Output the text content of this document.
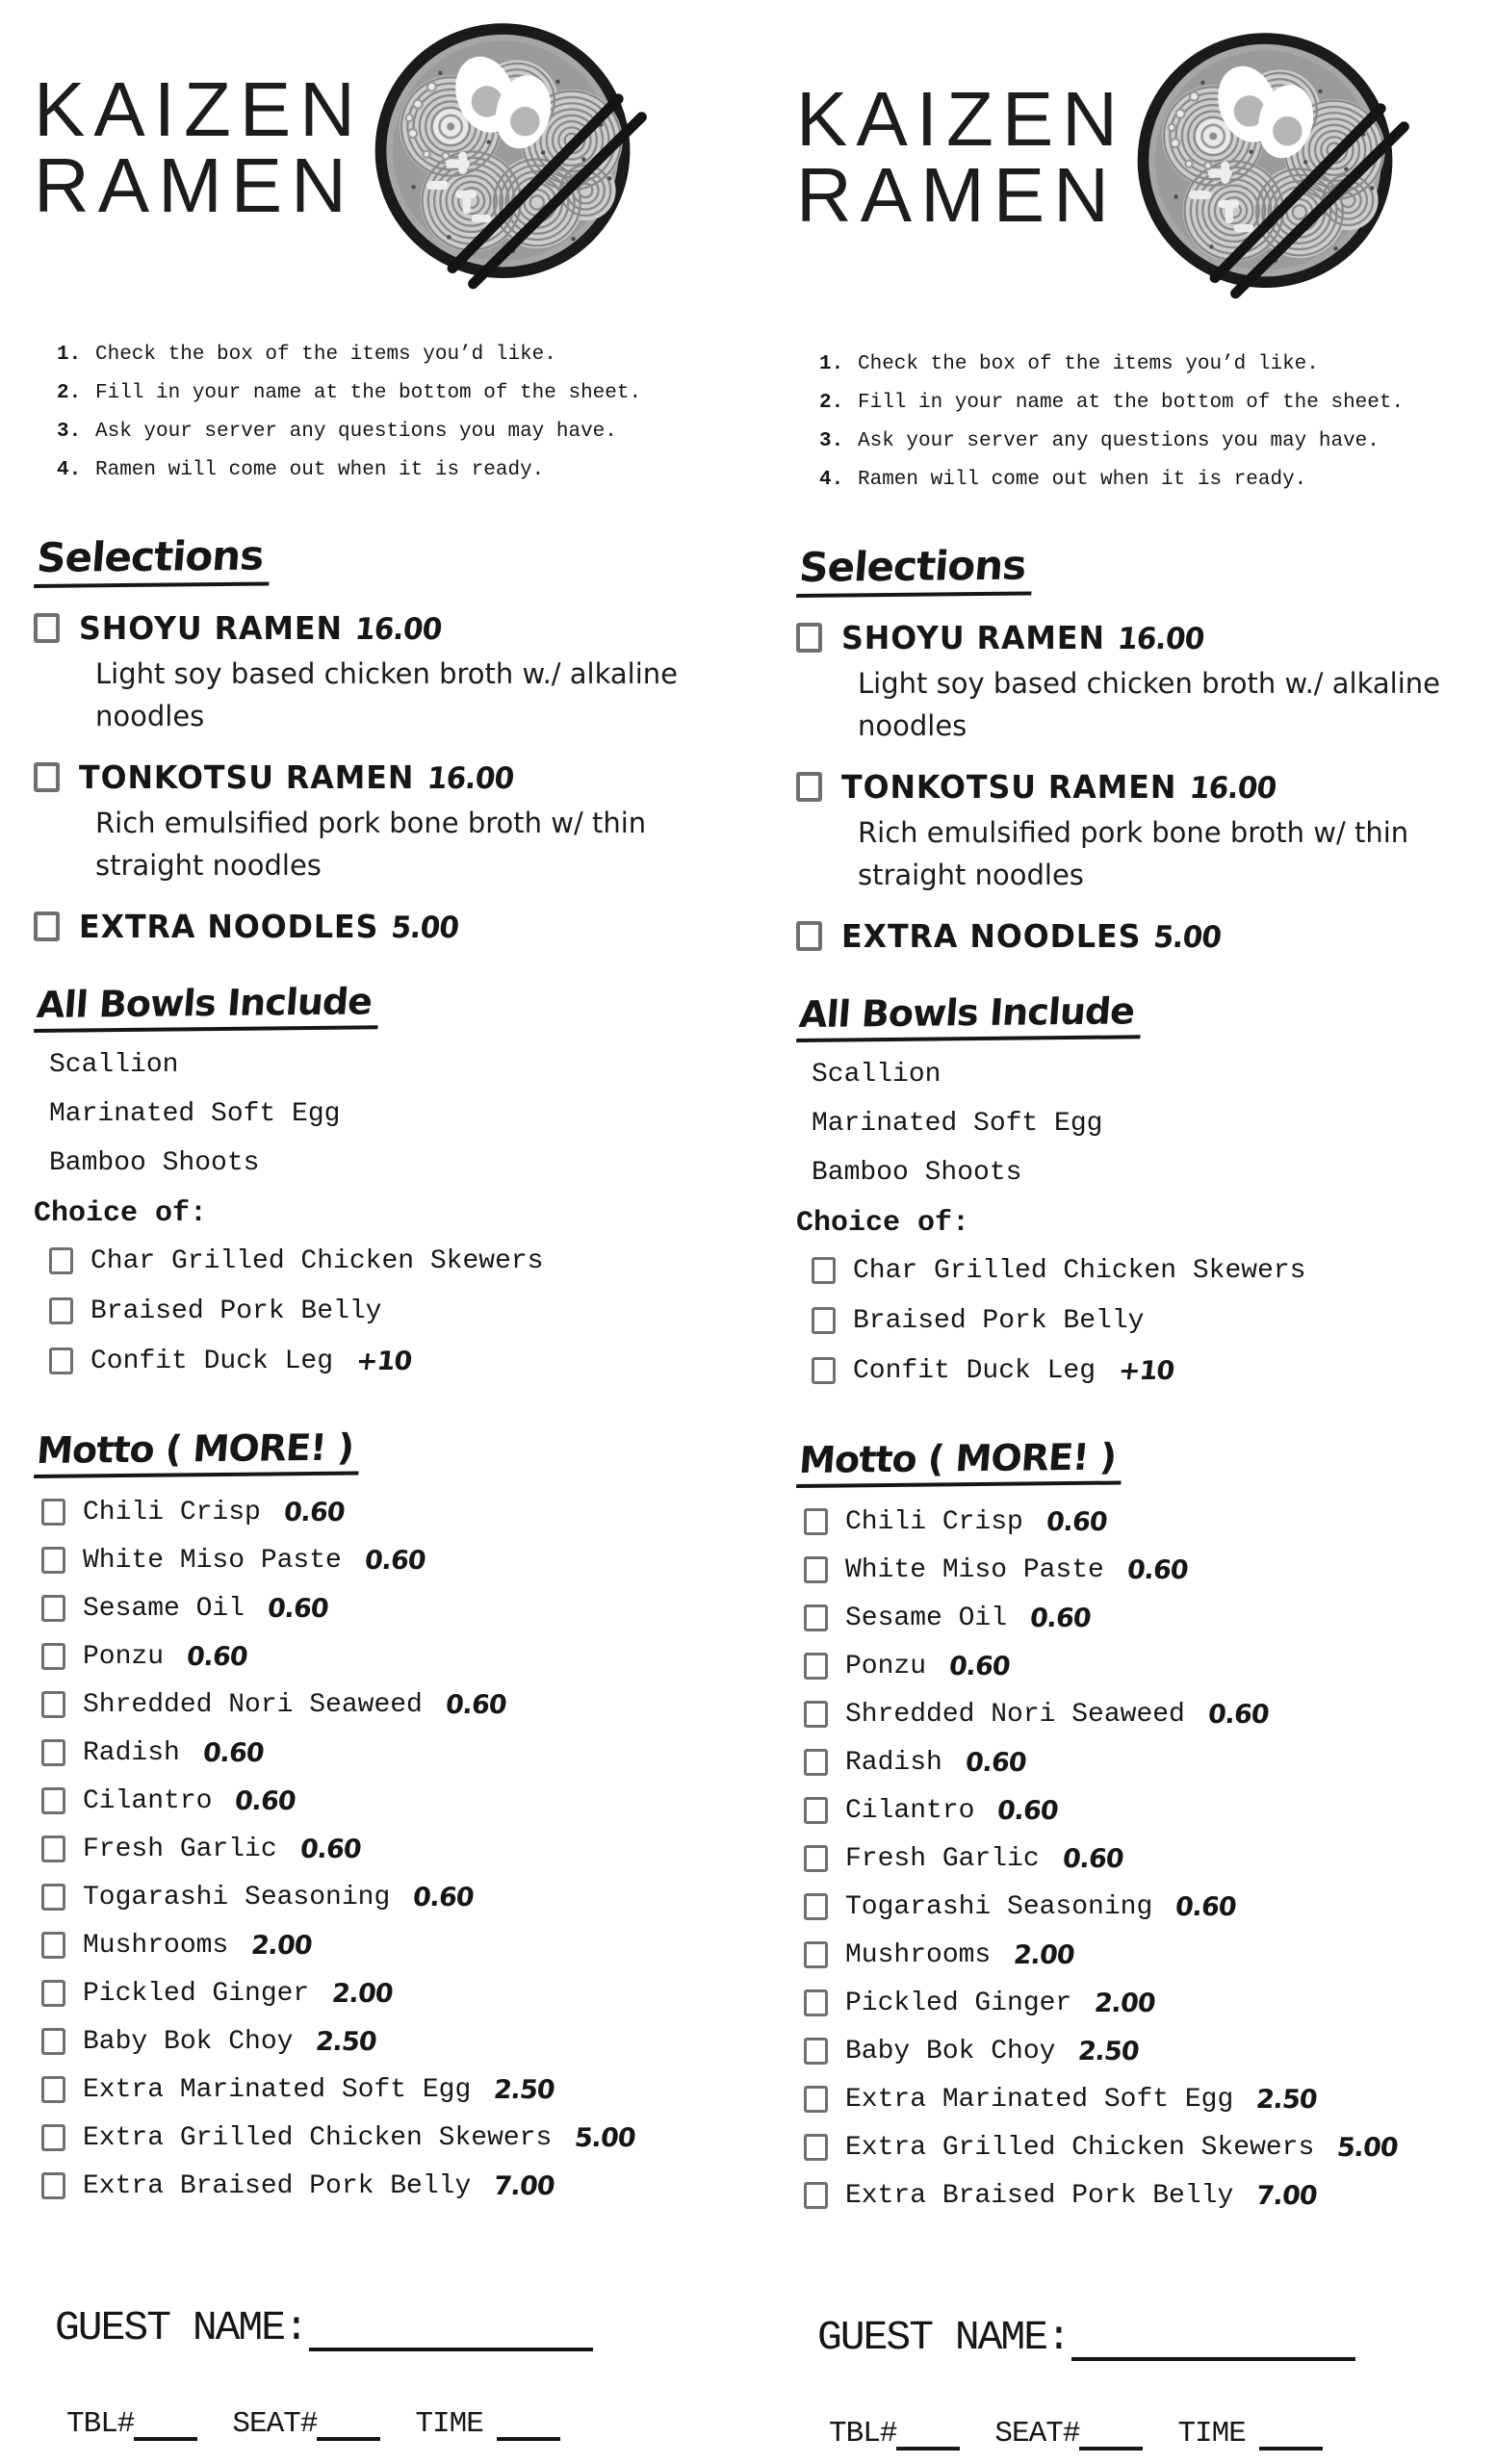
KAIZEN
RAMEN
1. Check the box of the items you’d like.
2. Fill in your name at the bottom of the sheet.
3. Ask your server any questions you may have.
4. Ramen will come out when it is ready.
Selections
SHOYU RAMEN 16.00

Light soy based chicken broth w./ alkaline noodles

TONKOTSU RAMEN 16.00

Rich emulsified pork bone broth w/ thin straight noodles

EXTRA NOODLES 5.00
All Bowls Include
Scallion
Marinated Soft Egg
Bamboo Shoots
Choice of:
Char Grilled Chicken Skewers
Braised Pork Belly
Confit Duck Leg +10
Motto ( MORE! )
Chili Crisp 0.60
White Miso Paste 0.60
Sesame Oil 0.60
Ponzu 0.60
Shredded Nori Seaweed 0.60
Radish 0.60
Cilantro 0.60
Fresh Garlic 0.60
Togarashi Seasoning 0.60
Mushrooms 2.00
Pickled Ginger 2.00
Baby Bok Choy 2.50
Extra Marinated Soft Egg 2.50
Extra Grilled Chicken Skewers 5.00
Extra Braised Pork Belly 7.00
GUEST NAME:
TBL#	SEAT#	TIME
KAIZEN
RAMEN
1. Check the box of the items you’d like.
2. Fill in your name at the bottom of the sheet.
3. Ask your server any questions you may have.
4. Ramen will come out when it is ready.
Selections
SHOYU RAMEN 16.00

Light soy based chicken broth w./ alkaline noodles

TONKOTSU RAMEN 16.00

Rich emulsified pork bone broth w/ thin straight noodles

EXTRA NOODLES 5.00
All Bowls Include
Scallion
Marinated Soft Egg
Bamboo Shoots
Choice of:
Char Grilled Chicken Skewers
Braised Pork Belly
Confit Duck Leg +10
Motto ( MORE! )
Chili Crisp 0.60
White Miso Paste 0.60
Sesame Oil 0.60
Ponzu 0.60
Shredded Nori Seaweed 0.60
Radish 0.60
Cilantro 0.60
Fresh Garlic 0.60
Togarashi Seasoning 0.60
Mushrooms 2.00
Pickled Ginger 2.00
Baby Bok Choy 2.50
Extra Marinated Soft Egg 2.50
Extra Grilled Chicken Skewers 5.00
Extra Braised Pork Belly 7.00
GUEST NAME:
TBL#	SEAT#	TIME
